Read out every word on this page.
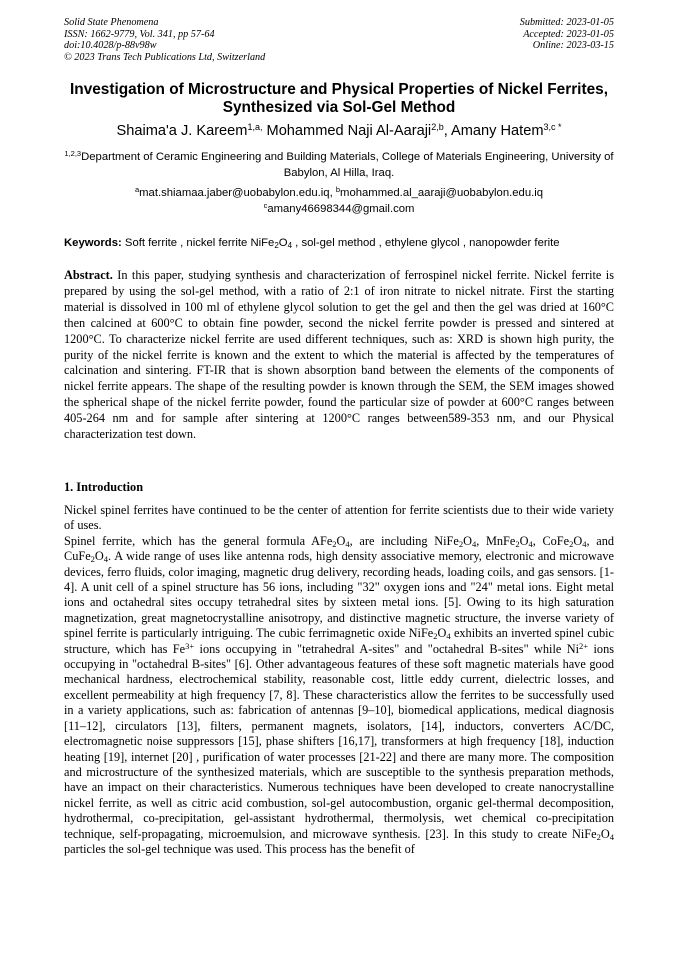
Solid State Phenomena
ISSN: 1662-9779, Vol. 341, pp 57-64
doi:10.4028/p-88v98w
© 2023 Trans Tech Publications Ltd, Switzerland
Submitted: 2023-01-05
Accepted: 2023-01-05
Online: 2023-03-15
Investigation of Microstructure and Physical Properties of Nickel Ferrites, Synthesized via Sol-Gel Method
Shaima'a J. Kareem$^{1,a,}$ Mohammed Naji Al-Aaraji$^{2,b}$, Amany Hatem$^{3,c *}$
$^{1,2,3}$Department of Ceramic Engineering and Building Materials, College of Materials Engineering, University of Babylon, Al Hilla, Iraq.
$^a$mat.shiamaa.jaber@uobabylon.edu.iq, $^b$mohammed.al_aaraji@uobabylon.edu.iq
$^c$amany46698344@gmail.com
Keywords: Soft ferrite , nickel ferrite $NiFe_2O_4$ , sol-gel method , ethylene glycol , nanopowder ferite
Abstract. In this paper, studying synthesis and characterization of ferrospinel nickel ferrite. Nickel ferrite is prepared by using the sol-gel method, with a ratio of 2:1 of iron nitrate to nickel nitrate. First the starting material is dissolved in 100 ml of ethylene glycol solution to get the gel and then the gel was dried at 160°C then calcined at 600°C to obtain fine powder, second the nickel ferrite powder is pressed and sintered at 1200°C. To characterize nickel ferrite are used different techniques, such as: XRD is shown high purity, the purity of the nickel ferrite is known and the extent to which the material is affected by the temperatures of calcination and sintering. FT-IR that is shown absorption band between the elements of the components of nickel ferrite appears. The shape of the resulting powder is known through the SEM, the SEM images showed the spherical shape of the nickel ferrite powder, found the particular size of powder at 600°C ranges between 405-264 nm and for sample after sintering at 1200°C ranges between589-353 nm, and our Physical characterization test down.
1. Introduction

Nickel spinel ferrites have continued to be the center of attention for ferrite scientists due to their wide variety of uses.

Spinel ferrite, which has the general formula $AFe_2O_4$, are including $NiFe_2O_4$, $MnFe_2O_4$, $CoFe_2O_4$, and $CuFe_2O_4$. A wide range of uses like antenna rods, high density associative memory, electronic and microwave devices, ferro fluids, color imaging, magnetic drug delivery, recording heads, loading coils, and gas sensors. [1-4]. A unit cell of a spinel structure has 56 ions, including "32" oxygen ions and "24" metal ions. Eight metal ions and octahedral sites occupy tetrahedral sites by sixteen metal ions. [5]. Owing to its high saturation magnetization, great magnetocrystalline anisotropy, and distinctive magnetic structure, the inverse variety of spinel ferrite is particularly intriguing. The cubic ferrimagnetic oxide $NiFe_2O_4$ exhibits an inverted spinel cubic structure, which has $Fe^{3+}$ ions occupying in "tetrahedral A-sites" and "octahedral B-sites" while $Ni^{2+}$ ions occupying in "octahedral B-sites" [6]. Other advantageous features of these soft magnetic materials have good mechanical hardness, electrochemical stability, reasonable cost, little eddy current, dielectric losses, and excellent permeability at high frequency [7, 8]. These characteristics allow the ferrites to be successfully used in a variety applications, such as: fabrication of antennas [9–10], biomedical applications, medical diagnosis [11–12], circulators [13], filters, permanent magnets, isolators, [14], inductors, converters AC/DC, electromagnetic noise suppressors [15], phase shifters [16,17], transformers at high frequency [18], induction heating [19], internet [20] , purification of water processes [21-22] and there are many more. The composition and microstructure of the synthesized materials, which are susceptible to the synthesis preparation methods, have an impact on their characteristics. Numerous techniques have been developed to create nanocrystalline nickel ferrite, as well as citric acid combustion, sol-gel autocombustion, organic gel-thermal decomposition, hydrothermal, co-precipitation, gel-assistant hydrothermal, thermolysis, wet chemical co-precipitation technique, self-propagating, microemulsion, and microwave synthesis. [23]. In this study to create $NiFe_2O_4$ particles the sol-gel technique was used. This process has the benefit of
